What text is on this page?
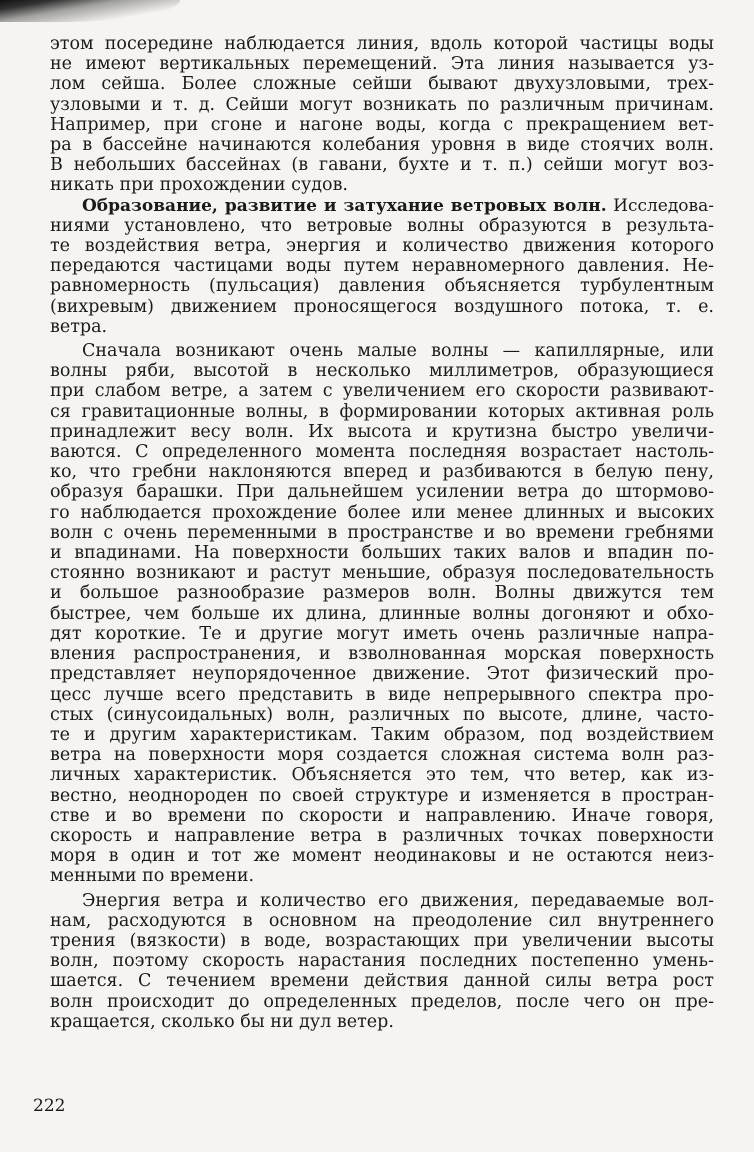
этом посередине наблюдается линия, вдоль которой частицы воды
не имеют вертикальных перемещений. Эта линия называется уз-
лом сейша. Более сложные сейши бывают двухузловыми, трех-
узловыми и т. д. Сейши могут возникать по различным причинам.
Например, при сгоне и нагоне воды, когда с прекращением вет-
ра в бассейне начинаются колебания уровня в виде стоячих волн.
В небольших бассейнах (в гавани, бухте и т. п.) сейши могут воз-
никать при прохождении судов.

Образование, развитие и затухание ветровых волн. Исследова-
ниями установлено, что ветровые волны образуются в результа-
те воздействия ветра, энергия и количество движения которого
передаются частицами воды путем неравномерного давления. Не-
равномерность (пульсация) давления объясняется турбулентным
(вихревым) движением проносящегося воздушного потока, т. е.
ветра.

Сначала возникают очень малые волны — капиллярные, или
волны ряби, высотой в несколько миллиметров, образующиеся
при слабом ветре, а затем с увеличением его скорости развивают-
ся гравитационные волны, в формировании которых активная роль
принадлежит весу волн. Их высота и крутизна быстро увеличи-
ваются. С определенного момента последняя возрастает настоль-
ко, что гребни наклоняются вперед и разбиваются в белую пену,
образуя барашки. При дальнейшем усилении ветра до штормово-
го наблюдается прохождение более или менее длинных и высоких
волн с очень переменными в пространстве и во времени гребнями
и впадинами. На поверхности больших таких валов и впадин по-
стоянно возникают и растут меньшие, образуя последовательность
и большое разнообразие размеров волн. Волны движутся тем
быстрее, чем больше их длина, длинные волны догоняют и обхо-
дят короткие. Те и другие могут иметь очень различные напра-
вления распространения, и взволнованная морская поверхность
представляет неупорядоченное движение. Этот физический про-
цесс лучше всего представить в виде непрерывного спектра про-
стых (синусоидальных) волн, различных по высоте, длине, часто-
те и другим характеристикам. Таким образом, под воздействием
ветра на поверхности моря создается сложная система волн раз-
личных характеристик. Объясняется это тем, что ветер, как из-
вестно, неоднороден по своей структуре и изменяется в простран-
стве и во времени по скорости и направлению. Иначе говоря,
скорость и направление ветра в различных точках поверхности
моря в один и тот же момент неодинаковы и не остаются неиз-
менными по времени.

Энергия ветра и количество его движения, передаваемые вол-
нам, расходуются в основном на преодоление сил внутреннего
трения (вязкости) в воде, возрастающих при увеличении высоты
волн, поэтому скорость нарастания последних постепенно умень-
шается. С течением времени действия данной силы ветра рост
волн происходит до определенных пределов, после чего он пре-
кращается, сколько бы ни дул ветер.

222
